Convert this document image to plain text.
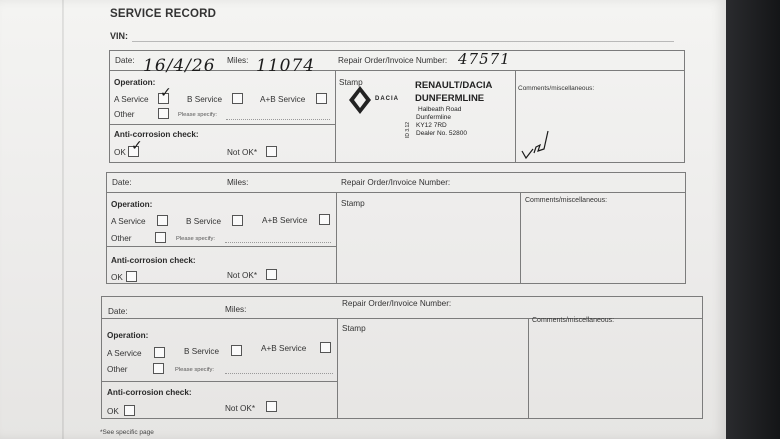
SERVICE RECORD
VIN:
Date: 16/4/26 Miles: 11074	Repair Order/Invoice Number: 47571
Operation:
A Service ✓ B Service	A+B Service
Other	Please specify:
Anti-corrosion check:
OK ✓	Not OK*
Stamp
DACIA
RENAULT/DACIA
DUNFERMLINE
Halbeath Road
Dunfermline
KY12 7RD
Dealer No. 52800
ID 3.12
Comments/miscellaneous:
Date:	Miles:	Repair Order/Invoice Number:
Operation:
A Service	B Service	A+B Service
Other	Please specify:
Anti-corrosion check:
OK	Not OK*
Stamp	Comments/miscellaneous:
Date:	Miles:
Repair Order/Invoice Number:
Operation:
A Service	B Service	A+B Service
Other	Please specify:
Anti-corrosion check:
OK	Not OK*
Stamp
Comments/miscellaneous:
*See specific page
